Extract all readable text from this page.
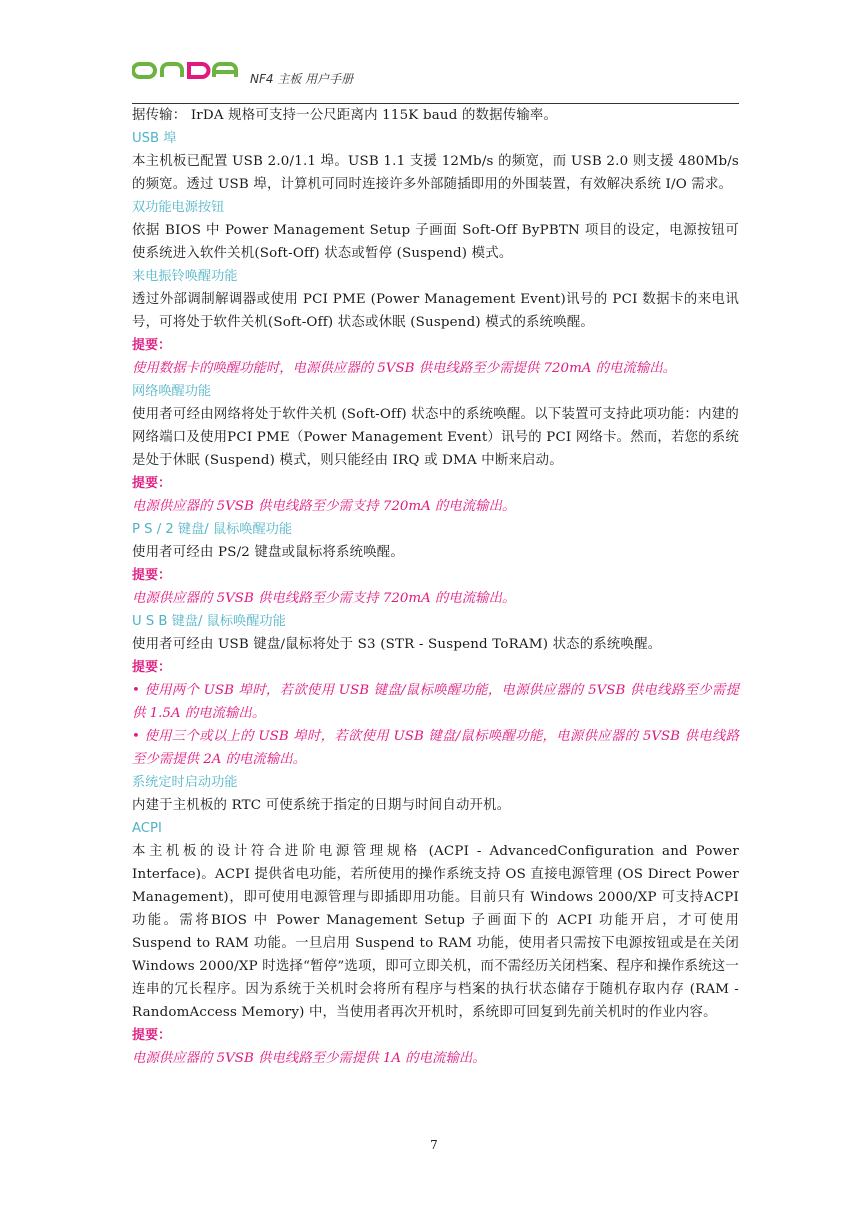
NF4 主板 用户手册

据传输： IrDA 规格可支持一公尺距离内 115K baud 的数据传输率。

USB 埠

本主机板已配置 USB 2.0/1.1 埠。USB 1.1 支援 12Mb/s 的频宽，而 USB 2.0 则支援 480Mb/s 的频宽。透过 USB 埠，计算机可同时连接许多外部随插即用的外围装置，有效解决系统 I/O 需求。

双功能电源按钮

依据 BIOS 中 Power Management Setup 子画面 Soft-Off ByPBTN 项目的设定，电源按钮可使系统进入软件关机(Soft-Off) 状态或暂停 (Suspend) 模式。

来电振铃唤醒功能

透过外部调制解调器或使用 PCI PME (Power Management Event)讯号的 PCI 数据卡的来电讯号，可将处于软件关机(Soft-Off) 状态或休眠 (Suspend) 模式的系统唤醒。

提要：

使用数据卡的唤醒功能时，电源供应器的 5VSB 供电线路至少需提供 720mA 的电流输出。

网络唤醒功能

使用者可经由网络将处于软件关机 (Soft-Off) 状态中的系统唤醒。以下装置可支持此项功能：内建的网络端口及使用PCI PME（Power Management Event）讯号的 PCI 网络卡。然而，若您的系统是处于休眠 (Suspend) 模式，则只能经由 IRQ 或 DMA 中断来启动。

提要：

电源供应器的 5VSB 供电线路至少需支持 720mA 的电流输出。

P S / 2 键盘/ 鼠标唤醒功能

使用者可经由 PS/2 键盘或鼠标将系统唤醒。

提要：

电源供应器的 5VSB 供电线路至少需支持 720mA 的电流输出。

U S B 键盘/ 鼠标唤醒功能

使用者可经由 USB 键盘/鼠标将处于 S3 (STR - Suspend ToRAM) 状态的系统唤醒。

提要：

• 使用两个 USB 埠时，若欲使用 USB 键盘/鼠标唤醒功能，电源供应器的 5VSB 供电线路至少需提供 1.5A 的电流输出。

• 使用三个或以上的 USB 埠时，若欲使用 USB 键盘/鼠标唤醒功能，电源供应器的 5VSB 供电线路至少需提供 2A 的电流输出。

系统定时启动功能

内建于主机板的 RTC 可使系统于指定的日期与时间自动开机。

ACPI

本主机板的设计符合进阶电源管理规格 (ACPI - AdvancedConfiguration and Power Interface)。ACPI 提供省电功能，若所使用的操作系统支持 OS 直接电源管理 (OS Direct Power Management)，即可使用电源管理与即插即用功能。目前只有 Windows 2000/XP 可支持ACPI 功能。需将BIOS 中 Power Management Setup 子画面下的 ACPI 功能开启，才可使用 Suspend to RAM 功能。一旦启用 Suspend to RAM 功能，使用者只需按下电源按钮或是在关闭 Windows 2000/XP 时选择“暂停”选项，即可立即关机，而不需经历关闭档案、程序和操作系统这一连串的冗长程序。因为系统于关机时会将所有程序与档案的执行状态储存于随机存取内存 (RAM - RandomAccess Memory) 中，当使用者再次开机时，系统即可回复到先前关机时的作业内容。

提要：

电源供应器的 5VSB 供电线路至少需提供 1A 的电流输出。

7
